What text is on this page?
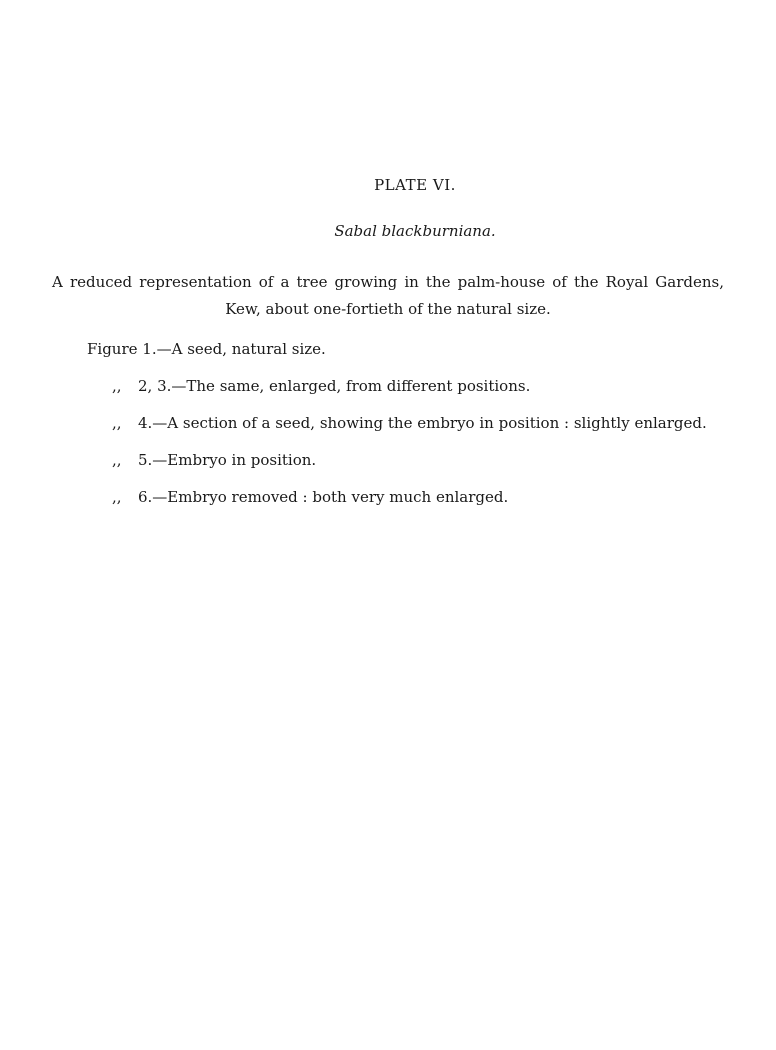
PLATE VI.
Sabal blackburniana.
A reduced representation of a tree growing in the palm-house of the Royal Gardens,
Kew, about one-fortieth of the natural size.
Figure 1.—A seed, natural size.
,, 2, 3.—The same, enlarged, from different positions.
,, 4.—A section of a seed, showing the embryo in position : slightly enlarged.
,, 5.—Embryo in position.
,, 6.—Embryo removed : both very much enlarged.
